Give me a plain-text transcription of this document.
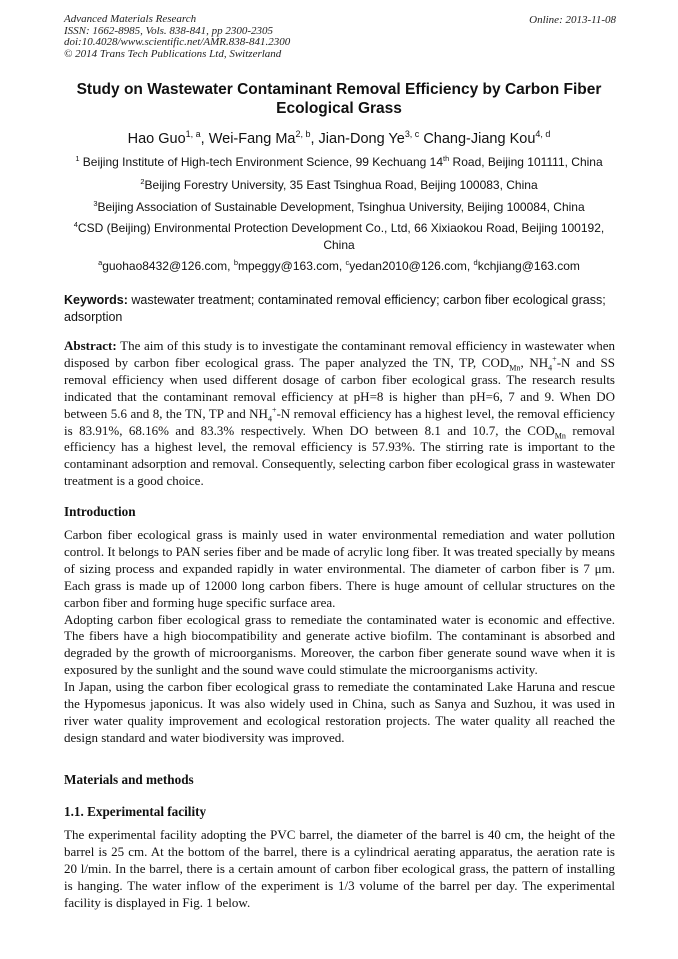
Advanced Materials Research
ISSN: 1662-8985, Vols. 838-841, pp 2300-2305
doi:10.4028/www.scientific.net/AMR.838-841.2300
© 2014 Trans Tech Publications Ltd, Switzerland
Online: 2013-11-08
Study on Wastewater Contaminant Removal Efficiency by Carbon Fiber
Ecological Grass
Hao Guo$^{1, a}$, Wei-Fang Ma$^{2, b}$, Jian-Dong Ye$^{3, c}$ Chang-Jiang Kou$^{4, d}$
$^1$ Beijing Institute of High-tech Environment Science, 99 Kechuang 14th Road, Beijing 101111, China
$^2$Beijing Forestry University, 35 East Tsinghua Road, Beijing 100083, China
$^3$Beijing Association of Sustainable Development, Tsinghua University, Beijing 100084, China
$^4$CSD (Beijing) Environmental Protection Development Co., Ltd, 66 Xixiaokou Road, Beijing 100192,
China
$^a$guohao8432@126.com, $^b$mpeggy@163.com, $^c$yedan2010@126.com, $^d$kchjiang@163.com
Keywords: wastewater treatment; contaminated removal efficiency; carbon fiber ecological grass; adsorption

Abstract: The aim of this study is to investigate the contaminant removal efficiency in wastewater when disposed by carbon fiber ecological grass. The paper analyzed the TN, TP, $COD_{Mn}$, $NH_4^+-N$ and SS removal efficiency when used different dosage of carbon fiber ecological grass. The research results indicated that the contaminant removal efficiency at pH=8 is higher than pH=6, 7 and 9. When DO between 5.6 and 8, the TN, TP and $NH_4^+-N$ removal efficiency has a highest level, the removal efficiency is 83.91%, 68.16% and 83.3% respectively. When DO between 8.1 and 10.7, the $COD_{Mn}$ removal efficiency has a highest level, the removal efficiency is 57.93%. The stirring rate is important to the contaminant adsorption and removal. Consequently, selecting carbon fiber ecological grass in wastewater treatment is a good choice.

Introduction

Carbon fiber ecological grass is mainly used in water environmental remediation and water pollution control. It belongs to PAN series fiber and be made of acrylic long fiber. It was treated specially by means of sizing process and expanded rapidly in water environmental. The diameter of carbon fiber is 7 μm. Each grass is made up of 12000 long carbon fibers. There is huge amount of cellular structures on the carbon fiber and forming huge specific surface area.

Adopting carbon fiber ecological grass to remediate the contaminated water is economic and effective. The fibers have a high biocompatibility and generate active biofilm. The contaminant is absorbed and degraded by the growth of microorganisms. Moreover, the carbon fiber generate sound wave when it is exposured by the sunlight and the sound wave could stimulate the microorganisms activity.

In Japan, using the carbon fiber ecological grass to remediate the contaminated Lake Haruna and rescue the Hypomesus japonicus. It was also widely used in China, such as Sanya and Suzhou, it was used in river water quality improvement and ecological restoration projects. The water quality all reached the design standard and water biodiversity was improved.

Materials and methods
1.1. Experimental facility

The experimental facility adopting the PVC barrel, the diameter of the barrel is 40 cm, the height of the barrel is 25 cm. At the bottom of the barrel, there is a cylindrical aerating apparatus, the aeration rate is 20 l/min. In the barrel, there is a certain amount of carbon fiber ecological grass, the pattern of installing is hanging. The water inflow of the experiment is 1/3 volume of the barrel per day. The experimental facility is displayed in Fig. 1 below.
